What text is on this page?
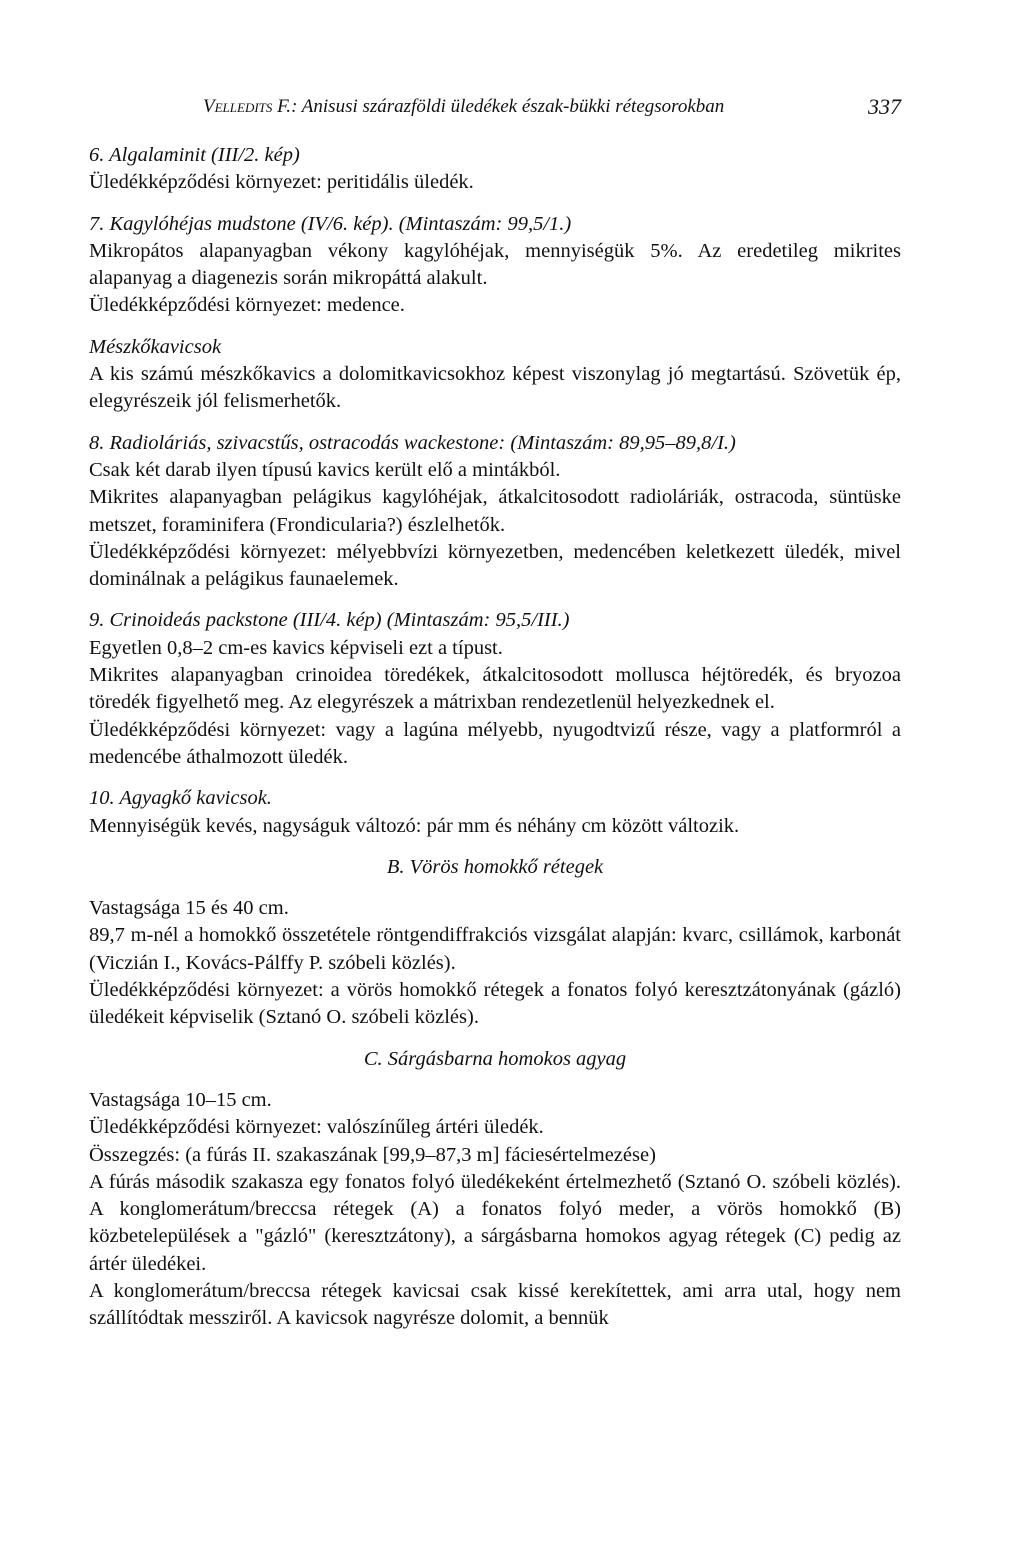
Velledits F.: Anisusi szárazföldi üledékek észak-bükki rétegsorokban	337

6. Algalaminit (III/2. kép)

Üledékképződési környezet: peritidális üledék.

7. Kagylóhéjas mudstone (IV/6. kép). (Mintaszám: 99,5/1.)

Mikropátos alapanyagban vékony kagylóhéjak, mennyiségük 5%. Az eredetileg mikrites alapanyag a diagenezis során mikropáttá alakult.

Üledékképződési környezet: medence.

Mészkőkavicsok

A kis számú mészkőkavics a dolomitkavicsokhoz képest viszonylag jó megtartású. Szövetük ép, elegyrészeik jól felismerhetők.

8. Radioláriás, szivacstűs, ostracodás wackestone: (Mintaszám: 89,95–89,8/I.)

Csak két darab ilyen típusú kavics került elő a mintákból.

Mikrites alapanyagban pelágikus kagylóhéjak, átkalcitosodott radioláriák, ostracoda, süntüske metszet, foraminifera (Frondicularia?) észlelhetők.

Üledékképződési környezet: mélyebbvízi környezetben, medencében keletkezett üledék, mivel dominálnak a pelágikus faunaelemek.

9. Crinoideás packstone (III/4. kép) (Mintaszám: 95,5/III.)

Egyetlen 0,8–2 cm-es kavics képviseli ezt a típust.

Mikrites alapanyagban crinoidea töredékek, átkalcitosodott mollusca héjtöredék, és bryozoa töredék figyelhető meg. Az elegyrészek a mátrixban rendezetlenül helyezkednek el.

Üledékképződési környezet: vagy a lagúna mélyebb, nyugodtvizű része, vagy a platformról a medencébe áthalmozott üledék.

10. Agyagkő kavicsok.

Mennyiségük kevés, nagyságuk változó: pár mm és néhány cm között változik.

B. Vörös homokkő rétegek

Vastagsága 15 és 40 cm.

89,7 m-nél a homokkő összetétele röntgendiffrakciós vizsgálat alapján: kvarc, csillámok, karbonát (Viczián I., Kovács-Pálffy P. szóbeli közlés).

Üledékképződési környezet: a vörös homokkő rétegek a fonatos folyó keresztzátonyának (gázló) üledékeit képviselik (Sztanó O. szóbeli közlés).

C. Sárgásbarna homokos agyag

Vastagsága 10–15 cm.

Üledékképződési környezet: valószínűleg ártéri üledék.

Összegzés: (a fúrás II. szakaszának [99,9–87,3 m] fáciesértelmezése)

A fúrás második szakasza egy fonatos folyó üledékeként értelmezhető (Sztanó O. szóbeli közlés). A konglomerátum/breccsa rétegek (A) a fonatos folyó meder, a vörös homokkő (B) közbetelepülések a "gázló" (keresztzátony), a sárgásbarna homokos agyag rétegek (C) pedig az ártér üledékei.

A konglomerátum/breccsa rétegek kavicsai csak kissé kerekítettek, ami arra utal, hogy nem szállítódtak messziről. A kavicsok nagyrésze dolomit, a bennük
